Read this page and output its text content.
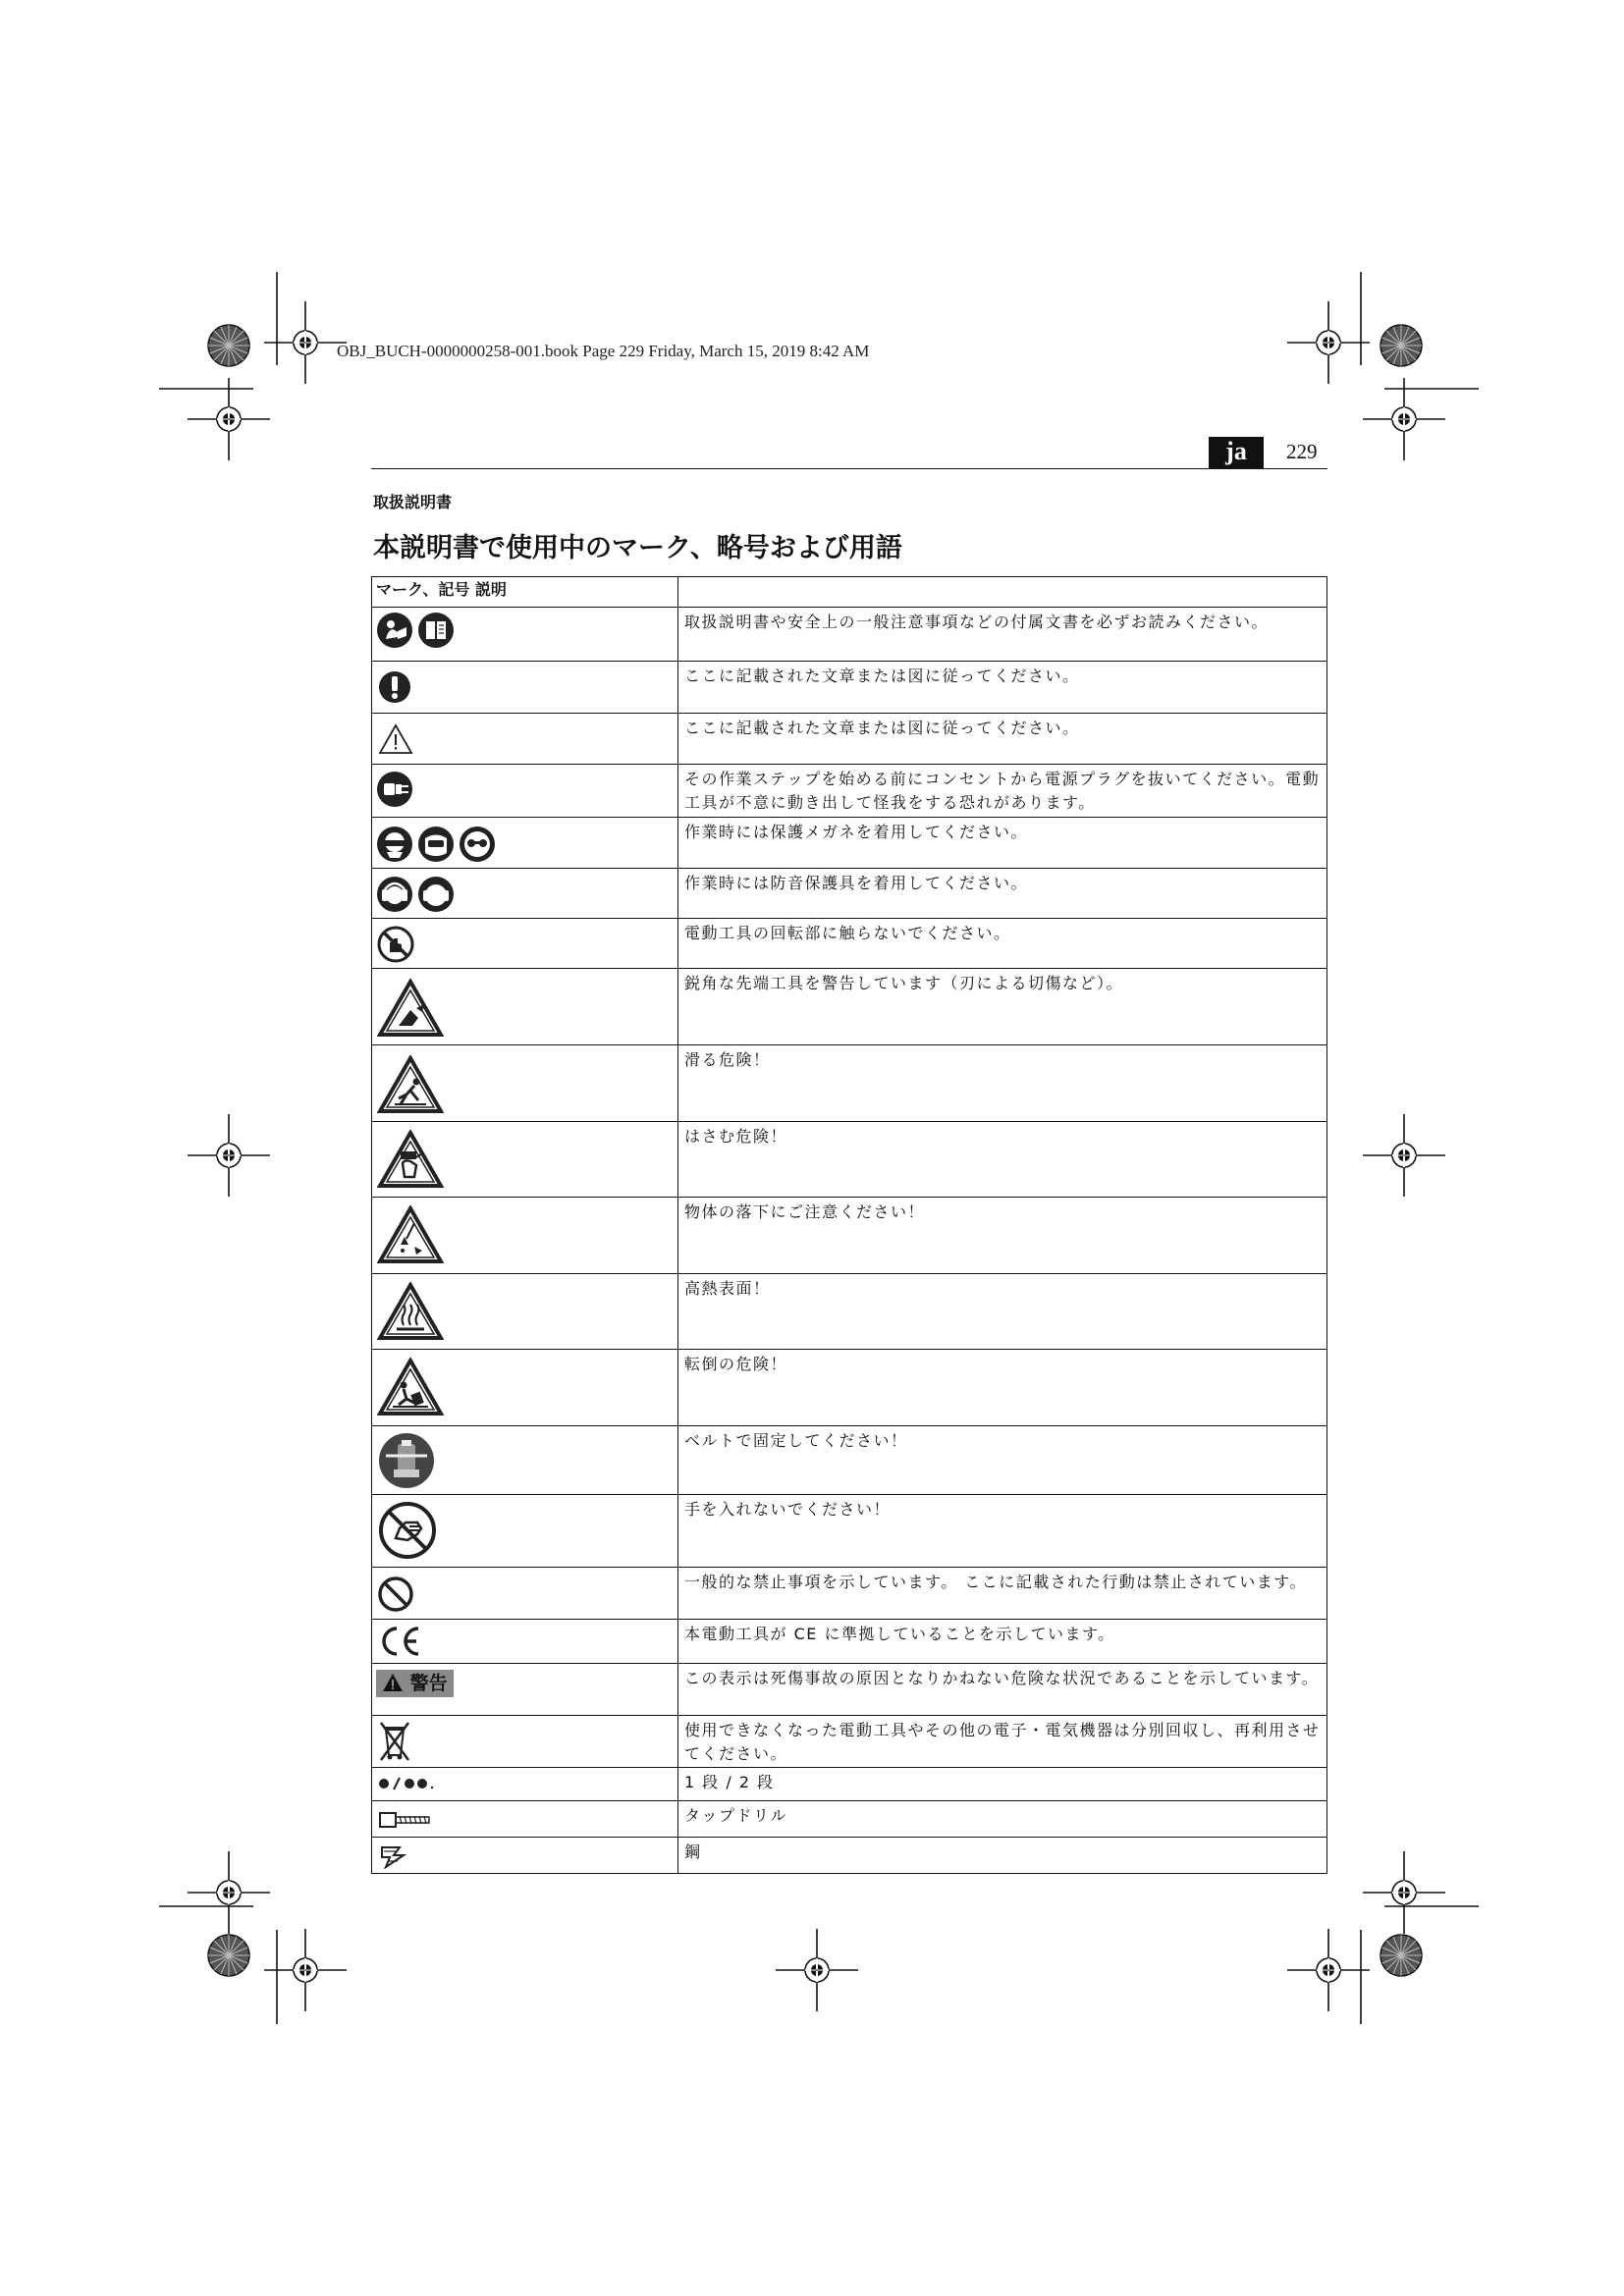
OBJ_BUCH-0000000258-001.book Page 229 Friday, March 15, 2019 8:42 AM
ja	229
取扱説明書
本説明書で使用中のマーク、略号および用語
マーク、記号 説明	

	取扱説明書や安全上の一般注意事項などの付属文書を必ずお読みください。

	ここに記載された文章または図に従ってください。

	ここに記載された文章または図に従ってください。

	その作業ステップを始める前にコンセントから電源プラグを抜いてください。電動工具が不意に動き出して怪我をする恐れがあります。

	作業時には保護メガネを着用してください。

	作業時には防音保護具を着用してください。

	電動工具の回転部に触らないでください。

	鋭角な先端工具を警告しています（刃による切傷など）。

	滑る危険！

	はさむ危険！

	物体の落下にご注意ください！

	高熱表面！

	転倒の危険！

	ベルトで固定してください！

	手を入れないでください！

	一般的な禁止事項を示しています。 ここに記載された行動は禁止されています。

	本電動工具が CE に準拠していることを示しています。
警告	この表示は死傷事故の原因となりかねない危険な状況であることを示しています。

	使用できなくなった電動工具やその他の電子・電気機器は分別回収し、再利用させてください。

	1 段 / 2 段

	タップドリル

	鋼
